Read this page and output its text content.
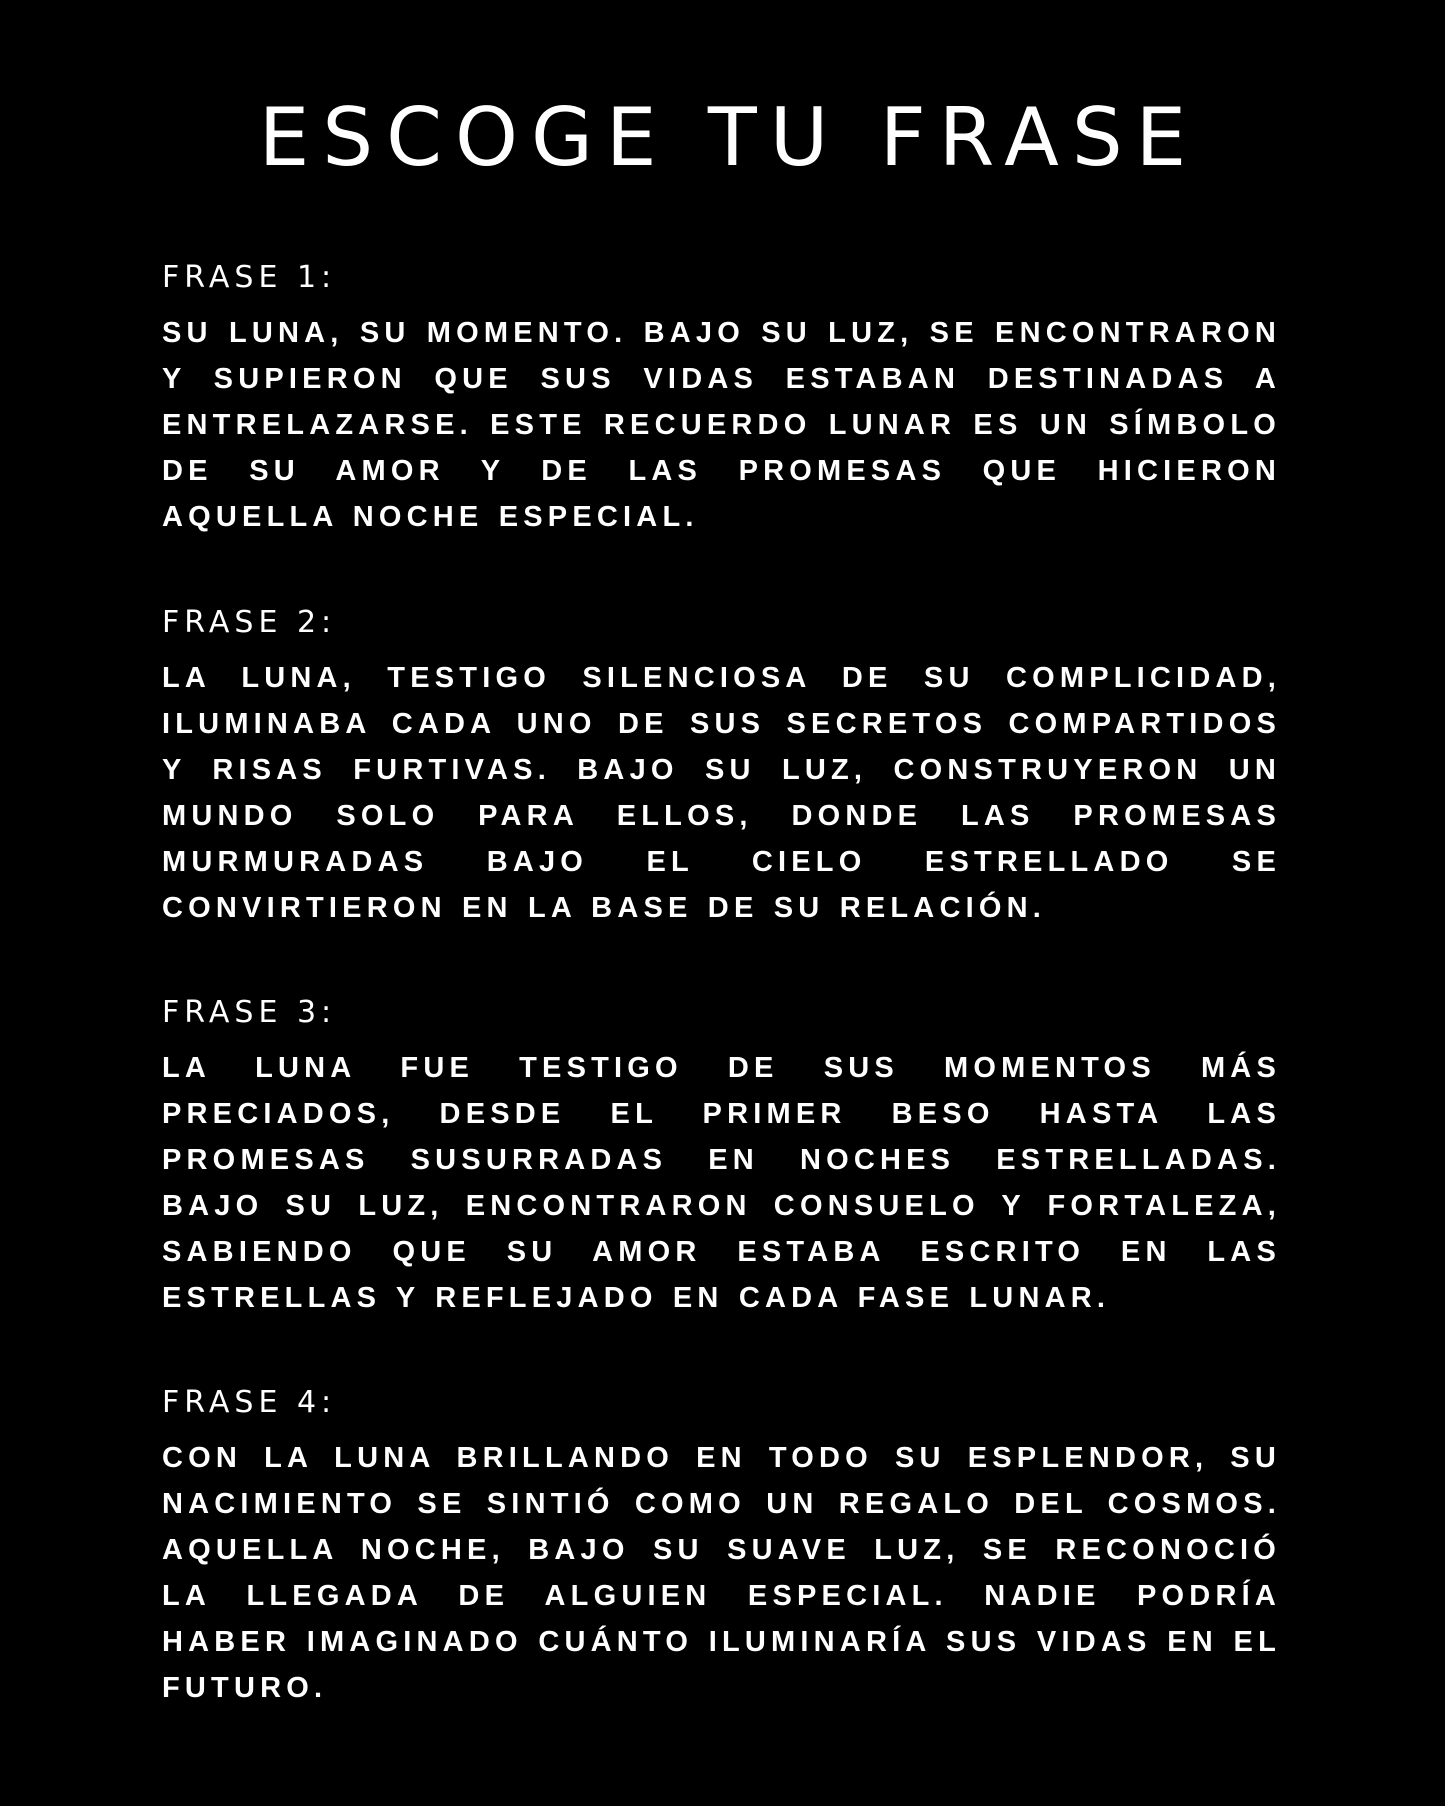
ESCOGE TU FRASE
FRASE 1:

SU LUNA, SU MOMENTO. BAJO SU LUZ, SE ENCONTRARON Y SUPIERON QUE SUS VIDAS ESTABAN DESTINADAS A ENTRELAZARSE. ESTE RECUERDO LUNAR ES UN SÍMBOLO DE SU AMOR Y DE LAS PROMESAS QUE HICIERON AQUELLA NOCHE ESPECIAL.

FRASE 2:

LA LUNA, TESTIGO SILENCIOSA DE SU COMPLICIDAD, ILUMINABA CADA UNO DE SUS SECRETOS COMPARTIDOS Y RISAS FURTIVAS. BAJO SU LUZ, CONSTRUYERON UN MUNDO SOLO PARA ELLOS, DONDE LAS PROMESAS MURMURADAS BAJO EL CIELO ESTRELLADO SE CONVIRTIERON EN LA BASE DE SU RELACIÓN.

FRASE 3:

LA LUNA FUE TESTIGO DE SUS MOMENTOS MÁS PRECIADOS, DESDE EL PRIMER BESO HASTA LAS PROMESAS SUSURRADAS EN NOCHES ESTRELLADAS. BAJO SU LUZ, ENCONTRARON CONSUELO Y FORTALEZA, SABIENDO QUE SU AMOR ESTABA ESCRITO EN LAS ESTRELLAS Y REFLEJADO EN CADA FASE LUNAR.

FRASE 4:

CON LA LUNA BRILLANDO EN TODO SU ESPLENDOR, SU NACIMIENTO SE SINTIÓ COMO UN REGALO DEL COSMOS. AQUELLA NOCHE, BAJO SU SUAVE LUZ, SE RECONOCIÓ LA LLEGADA DE ALGUIEN ESPECIAL. NADIE PODRÍA HABER IMAGINADO CUÁNTO ILUMINARÍA SUS VIDAS EN EL FUTURO.
